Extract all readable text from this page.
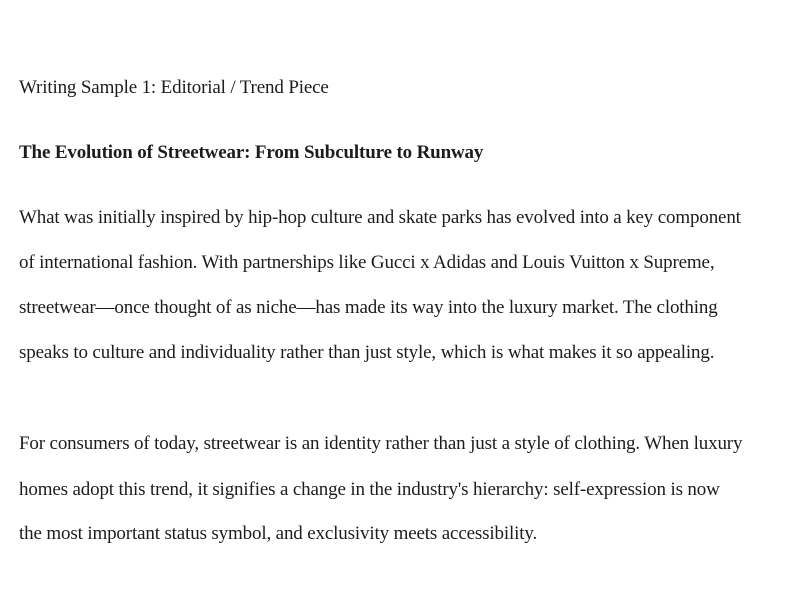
Writing Sample 1: Editorial / Trend Piece

The Evolution of Streetwear: From Subculture to Runway

What was initially inspired by hip-hop culture and skate parks has evolved into a key component

of international fashion. With partnerships like Gucci x Adidas and Louis Vuitton x Supreme,

streetwear—once thought of as niche—has made its way into the luxury market. The clothing

speaks to culture and individuality rather than just style, which is what makes it so appealing.

For consumers of today, streetwear is an identity rather than just a style of clothing. When luxury

homes adopt this trend, it signifies a change in the industry's hierarchy: self-expression is now

the most important status symbol, and exclusivity meets accessibility.
